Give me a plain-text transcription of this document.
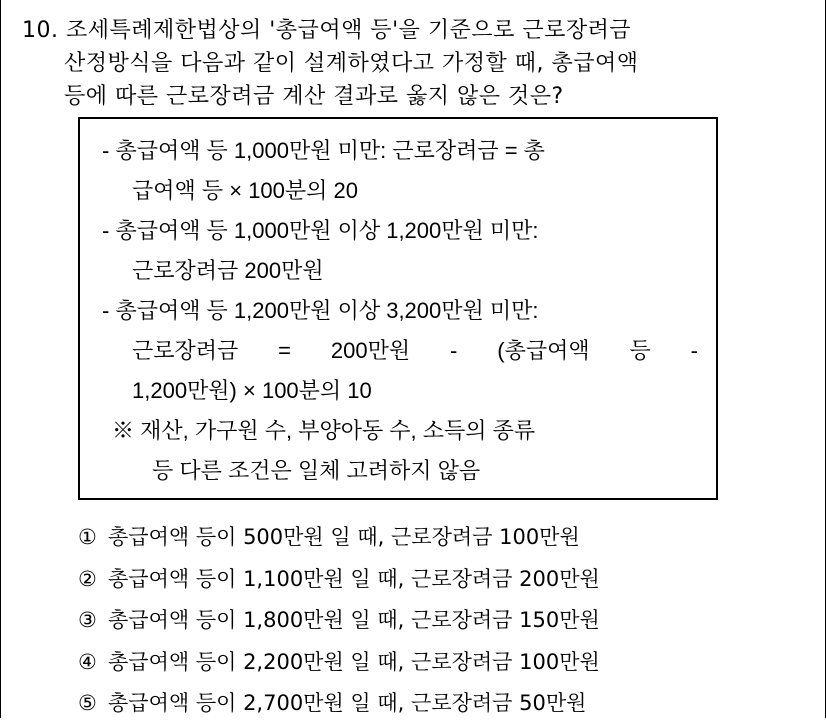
10. 조세특례제한법상의 '총급여액 등'을 기준으로 근로장려금
산정방식을 다음과 같이 설계하였다고 가정할 때, 총급여액
등에 따른 근로장려금 계산 결과로 옳지 않은 것은?
- 총급여액 등 1,000만원 미만: 근로장려금 = 총
급여액 등 × 100분의 20
- 총급여액 등 1,000만원 이상 1,200만원 미만:
근로장려금 200만원
- 총급여액 등 1,200만원 이상 3,200만원 미만:
근로장려금 = 200만원 - (총급여액 등 -
1,200만원) × 100분의 10
※ 재산, 가구원 수, 부양아동 수, 소득의 종류
등 다른 조건은 일체 고려하지 않음
① 총급여액 등이 500만원 일 때, 근로장려금 100만원
② 총급여액 등이 1,100만원 일 때, 근로장려금 200만원
③ 총급여액 등이 1,800만원 일 때, 근로장려금 150만원
④ 총급여액 등이 2,200만원 일 때, 근로장려금 100만원
⑤ 총급여액 등이 2,700만원 일 때, 근로장려금 50만원
